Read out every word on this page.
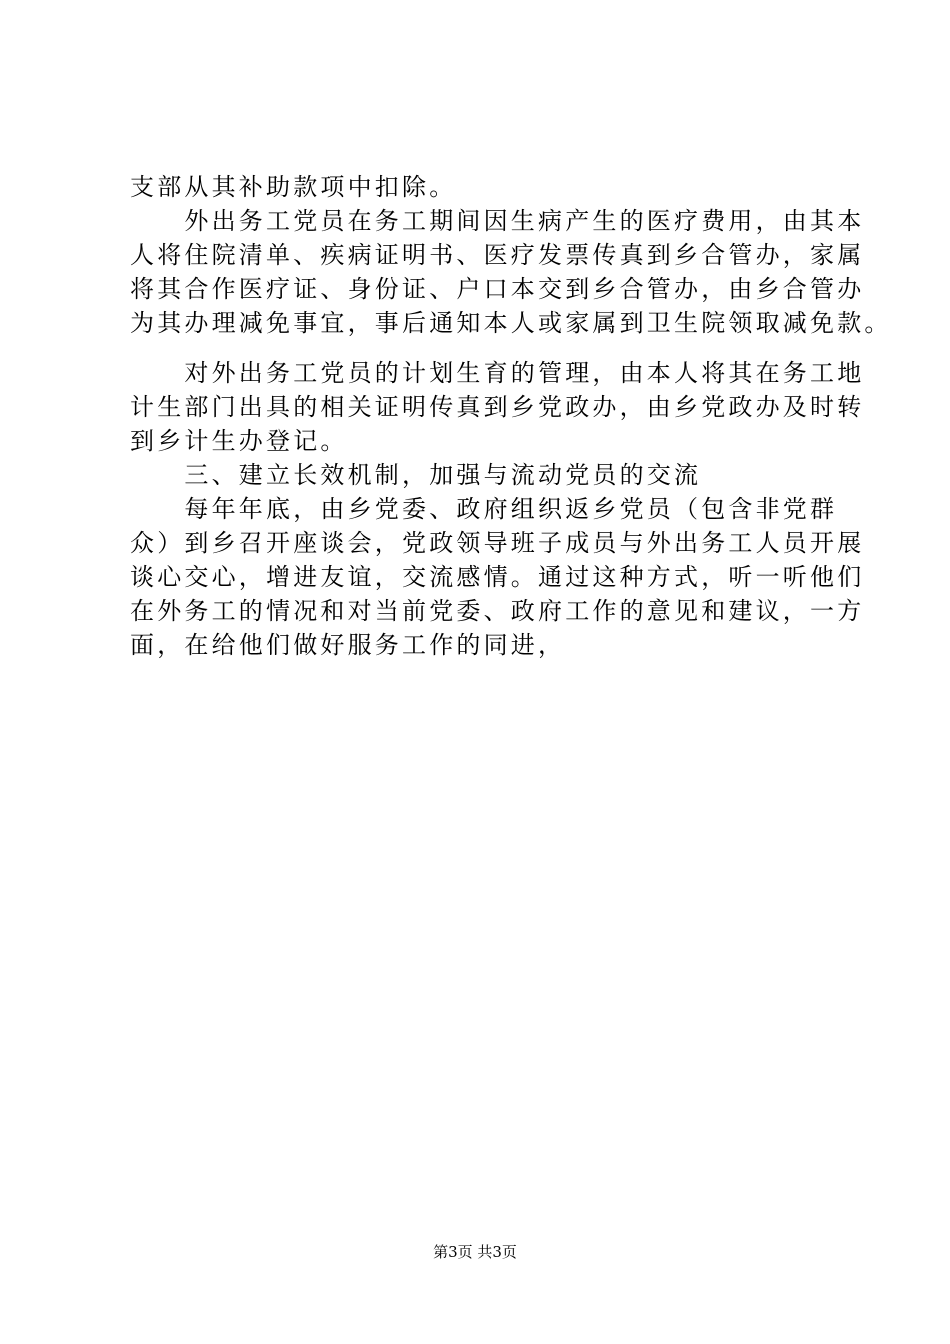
支部从其补助款项中扣除。
　　外出务工党员在务工期间因生病产生的医疗费用，由其本
人将住院清单、疾病证明书、医疗发票传真到乡合管办，家属
将其合作医疗证、身份证、户口本交到乡合管办，由乡合管办
为其办理减免事宜，事后通知本人或家属到卫生院领取减免款。
　　对外出务工党员的计划生育的管理，由本人将其在务工地
计生部门出具的相关证明传真到乡党政办，由乡党政办及时转
到乡计生办登记。
　　三、建立长效机制，加强与流动党员的交流
　　每年年底，由乡党委、政府组织返乡党员（包含非党群
众）到乡召开座谈会，党政领导班子成员与外出务工人员开展
谈心交心，增进友谊，交流感情。通过这种方式，听一听他们
在外务工的情况和对当前党委、政府工作的意见和建议，一方
面，在给他们做好服务工作的同进，
第3页 共3页
